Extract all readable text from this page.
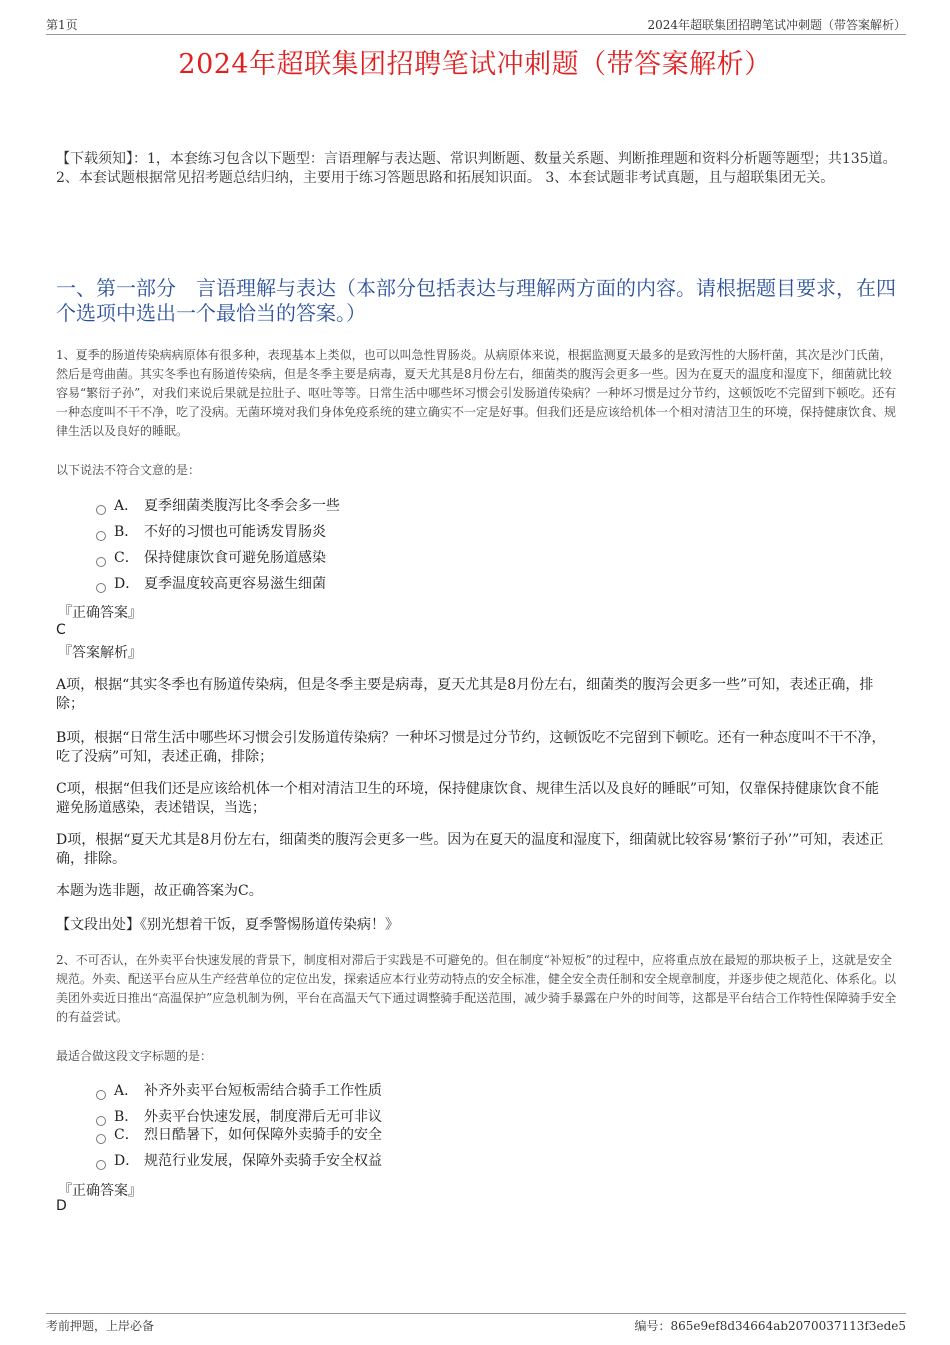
第1页	2024年超联集团招聘笔试冲刺题（带答案解析）
2024年超联集团招聘笔试冲刺题（带答案解析）
【下载须知】：1，本套练习包含以下题型：言语理解与表达题、常识判断题、数量关系题、判断推理题和资料分析题等题型；共135道。 2、本套试题根据常见招考题总结归纳，主要用于练习答题思路和拓展知识面。 3、本套试题非考试真题，且与超联集团无关。
一、第一部分　言语理解与表达（本部分包括表达与理解两方面的内容。请根据题目要求，在四个选项中选出一个最恰当的答案。）
1、夏季的肠道传染病病原体有很多种，表现基本上类似，也可以叫急性胃肠炎。从病原体来说，根据监测夏天最多的是致泻性的大肠杆菌，其次是沙门氏菌，然后是弯曲菌。其实冬季也有肠道传染病，但是冬季主要是病毒，夏天尤其是8月份左右，细菌类的腹泻会更多一些。因为在夏天的温度和湿度下，细菌就比较容易“繁衍子孙”，对我们来说后果就是拉肚子、呕吐等等。日常生活中哪些坏习惯会引发肠道传染病？一种坏习惯是过分节约，这顿饭吃不完留到下顿吃。还有一种态度叫不干不净，吃了没病。无菌环境对我们身体免疫系统的建立确实不一定是好事。但我们还是应该给机体一个相对清洁卫生的环境，保持健康饮食、规律生活以及良好的睡眠。
以下说法不符合文意的是：
A． 夏季细菌类腹泻比冬季会多一些
B． 不好的习惯也可能诱发胃肠炎
C． 保持健康饮食可避免肠道感染
D． 夏季温度较高更容易滋生细菌
『正确答案』
C
『答案解析』
A项，根据“其实冬季也有肠道传染病，但是冬季主要是病毒，夏天尤其是8月份左右，细菌类的腹泻会更多一些”可知，表述正确，排除；
B项，根据“日常生活中哪些坏习惯会引发肠道传染病？一种坏习惯是过分节约，这顿饭吃不完留到下顿吃。还有一种态度叫不干不净，吃了没病”可知，表述正确，排除；
C项，根据“但我们还是应该给机体一个相对清洁卫生的环境，保持健康饮食、规律生活以及良好的睡眠”可知，仅靠保持健康饮食不能避免肠道感染，表述错误，当选；
D项，根据“夏天尤其是8月份左右，细菌类的腹泻会更多一些。因为在夏天的温度和湿度下，细菌就比较容易‘繁衍子孙’”可知，表述正确，排除。
本题为选非题，故正确答案为C。
【文段出处】《别光想着干饭，夏季警惕肠道传染病！》
2、不可否认，在外卖平台快速发展的背景下，制度相对滞后于实践是不可避免的。但在制度“补短板”的过程中，应将重点放在最短的那块板子上，这就是安全规范。外卖、配送平台应从生产经营单位的定位出发，探索适应本行业劳动特点的安全标准，健全安全责任制和安全规章制度，并逐步使之规范化、体系化。以美团外卖近日推出“高温保护”应急机制为例，平台在高温天气下通过调整骑手配送范围，减少骑手暴露在户外的时间等，这都是平台结合工作特性保障骑手安全的有益尝试。
最适合做这段文字标题的是：
A． 补齐外卖平台短板需结合骑手工作性质
B． 外卖平台快速发展，制度滞后无可非议
C． 烈日酷暑下，如何保障外卖骑手的安全
D． 规范行业发展，保障外卖骑手安全权益
『正确答案』
D
考前押题，上岸必备	编号：865e9ef8d34664ab2070037113f3ede5
